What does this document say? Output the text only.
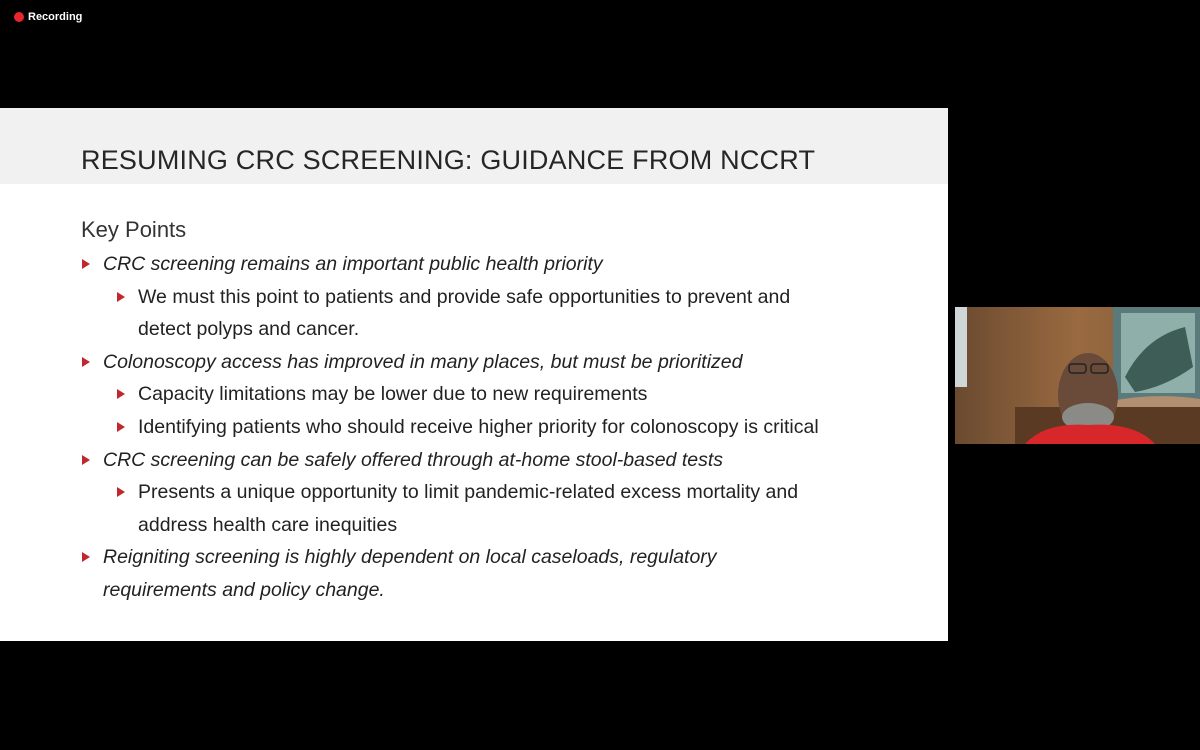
Recording
RESUMING CRC SCREENING: GUIDANCE FROM NCCRT
Key Points
CRC screening remains an important public health priority
We must this point to patients and provide safe opportunities to prevent and
detect polyps and cancer.
Colonoscopy access has improved in many places, but must be prioritized
Capacity limitations may be lower due to new requirements
Identifying patients who should receive higher priority for colonoscopy is critical
CRC screening can be safely offered through at-home stool-based tests
Presents a unique opportunity to limit pandemic-related excess mortality and
address health care inequities
Reigniting screening is highly dependent on local caseloads, regulatory
requirements and policy change.
